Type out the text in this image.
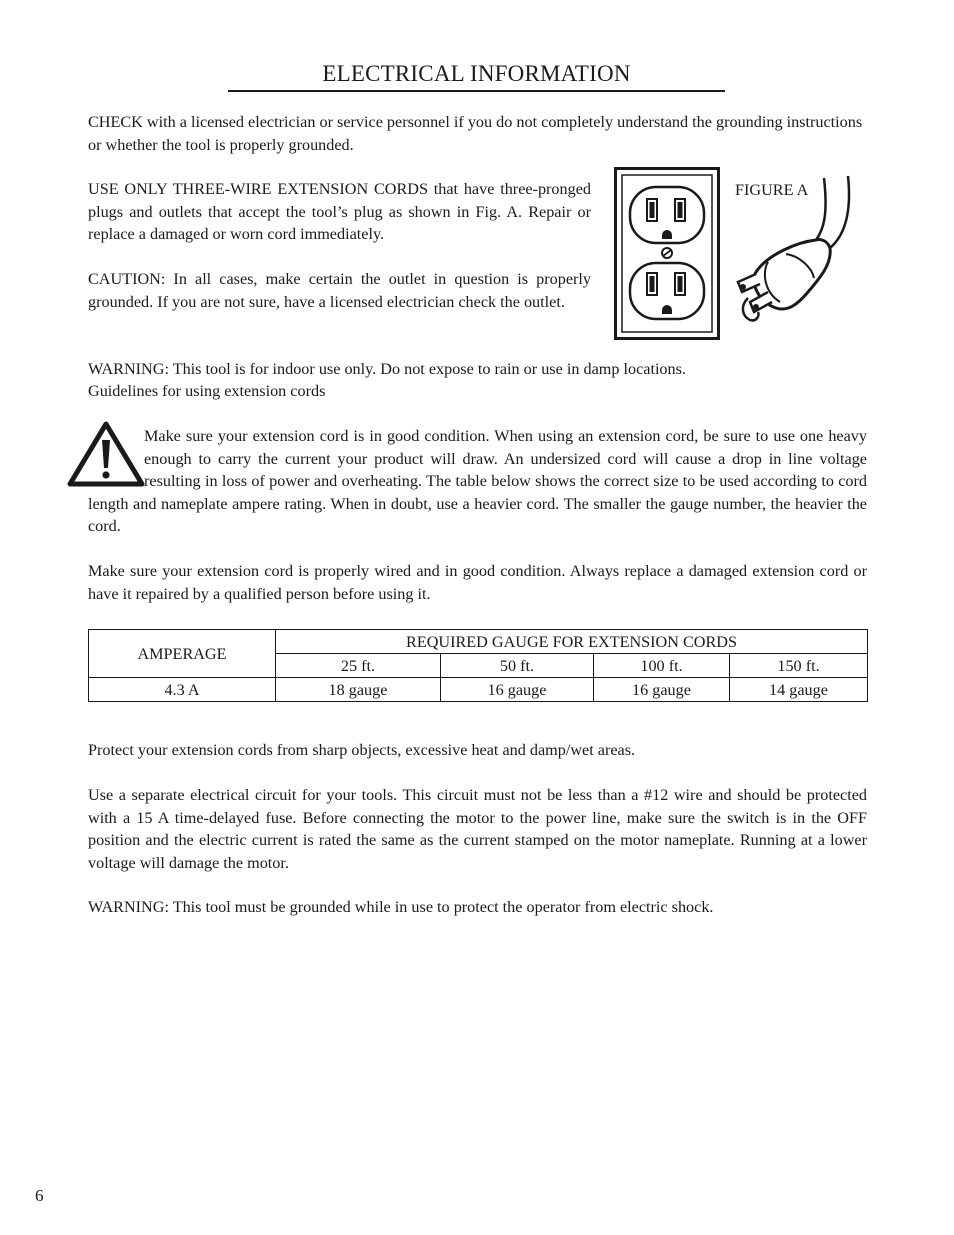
ELECTRICAL INFORMATION
CHECK with a licensed electrician or service personnel if you do not completely understand the grounding instructions or whether the tool is properly grounded.
USE ONLY THREE-WIRE EXTENSION CORDS that have three-pronged plugs and outlets that accept the tool’s plug as shown in Fig. A. Repair or replace a damaged or worn cord immediately.
CAUTION: In all cases, make certain the outlet in question is properly grounded. If you are not sure, have a licensed electrician check the outlet.
FIGURE A
WARNING: This tool is for indoor use only. Do not expose to rain or use in damp locations.
Guidelines for using extension cords
Make sure your extension cord is in good condition. When using an extension cord, be sure to use one heavy enough to carry the current your product will draw. An undersized cord will cause a drop in line voltage resulting in loss of power and overheating. The table below shows the correct size to be used according to cord length and nameplate ampere rating. When in doubt, use a heavier cord. The smaller the gauge number, the heavier the cord.
Make sure your extension cord is properly wired and in good condition. Always replace a damaged extension cord or have it repaired by a qualified person before using it.
AMPERAGE	REQUIRED GAUGE FOR EXTENSION CORDS			
	25 ft.	50 ft.	100 ft.	150 ft.
4.3 A	18 gauge	16 gauge	16 gauge	14 gauge
Protect your extension cords from sharp objects, excessive heat and damp/wet areas.
Use a separate electrical circuit for your tools. This circuit must not be less than a #12 wire and should be protected with a 15 A time-delayed fuse. Before connecting the motor to the power line, make sure the switch is in the OFF position and the electric current is rated the same as the current stamped on the motor nameplate. Running at a lower voltage will damage the motor.
WARNING: This tool must be grounded while in use to protect the operator from electric shock.
6
